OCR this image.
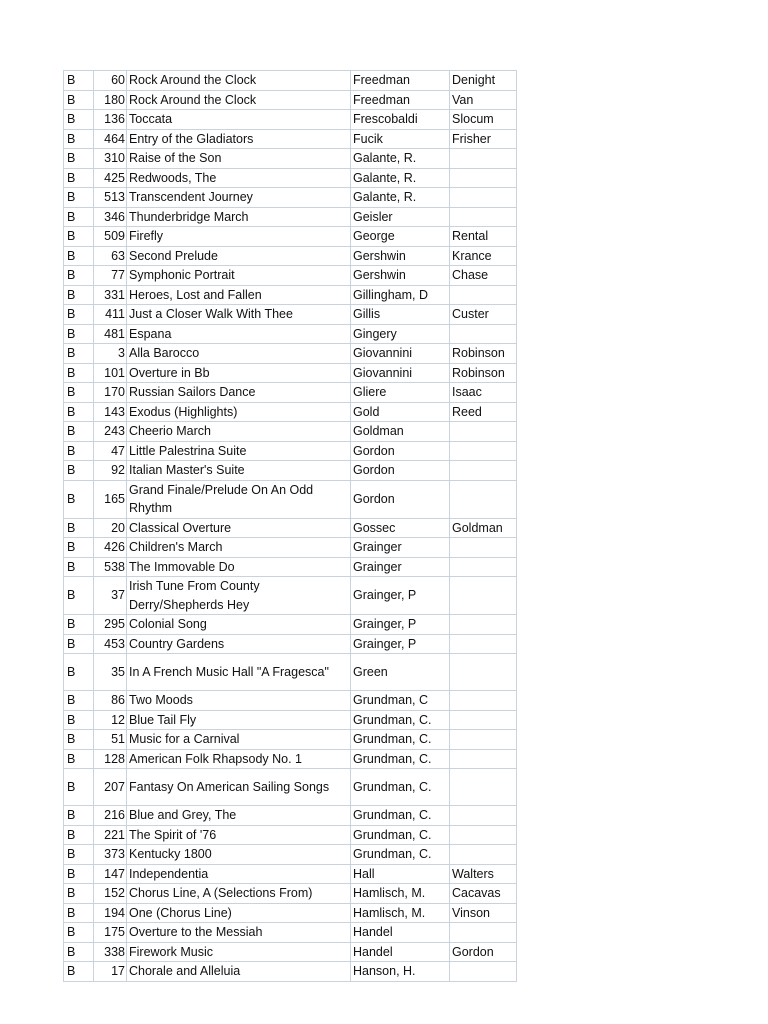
B	60	Rock Around the Clock	Freedman	Denight
B	180	Rock Around the Clock	Freedman	Van
B	136	Toccata	Frescobaldi	Slocum
B	464	Entry of the Gladiators	Fucik	Frisher
B	310	Raise of the Son	Galante, R.	
B	425	Redwoods, The	Galante, R.	
B	513	Transcendent Journey	Galante, R.	
B	346	Thunderbridge March	Geisler	
B	509	Firefly	George	Rental
B	63	Second Prelude	Gershwin	Krance
B	77	Symphonic Portrait	Gershwin	Chase
B	331	Heroes, Lost and Fallen	Gillingham, D	
B	411	Just a Closer Walk With Thee	Gillis	Custer
B	481	Espana	Gingery	
B	3	Alla Barocco	Giovannini	Robinson
B	101	Overture in Bb	Giovannini	Robinson
B	170	Russian Sailors Dance	Gliere	Isaac
B	143	Exodus (Highlights)	Gold	Reed
B	243	Cheerio March	Goldman	
B	47	Little Palestrina Suite	Gordon	
B	92	Italian Master's Suite	Gordon	
B	165	Grand Finale/Prelude On An Odd Rhythm	Gordon	
B	20	Classical Overture	Gossec	Goldman
B	426	Children's March	Grainger	
B	538	The Immovable Do	Grainger	
B	37	Irish Tune From County Derry/Shepherds Hey	Grainger, P	
B	295	Colonial Song	Grainger, P	
B	453	Country Gardens	Grainger, P	
B	35	In A French Music Hall "A Fragesca"	Green	
B	86	Two Moods	Grundman, C	
B	12	Blue Tail Fly	Grundman, C.	
B	51	Music for a Carnival	Grundman, C.	
B	128	American Folk Rhapsody No. 1	Grundman, C.	
B	207	Fantasy On American Sailing Songs	Grundman, C.	
B	216	Blue and Grey, The	Grundman, C.	
B	221	The Spirit of '76	Grundman, C.	
B	373	Kentucky 1800	Grundman, C.	
B	147	Independentia	Hall	Walters
B	152	Chorus Line, A (Selections From)	Hamlisch, M.	Cacavas
B	194	One (Chorus Line)	Hamlisch, M.	Vinson
B	175	Overture to the Messiah	Handel	
B	338	Firework Music	Handel	Gordon
B	17	Chorale and Alleluia	Hanson, H.	
